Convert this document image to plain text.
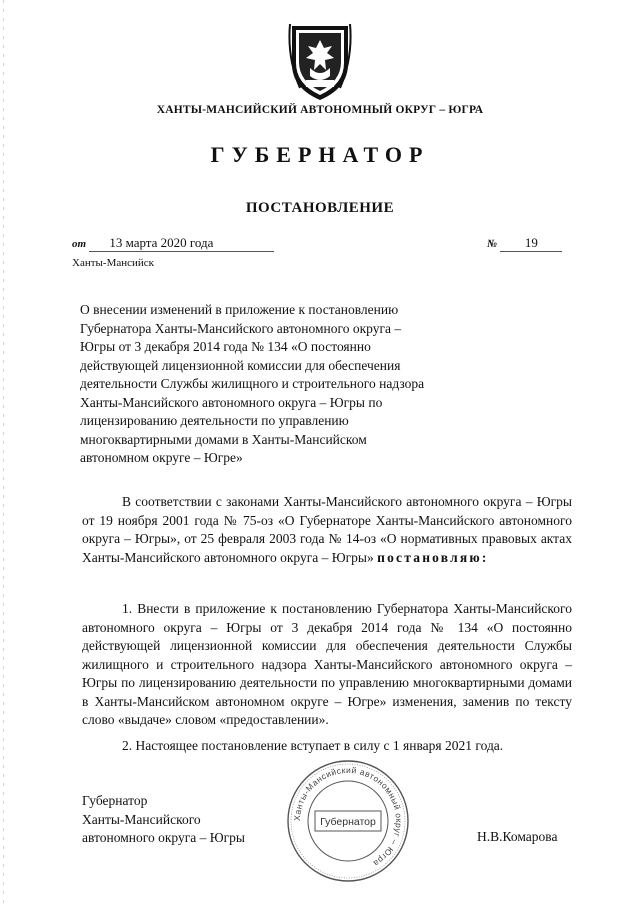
ХАНТЫ-МАНСИЙСКИЙ АВТОНОМНЫЙ ОКРУГ – ЮГРА
ГУБЕРНАТОР
ПОСТАНОВЛЕНИЕ
от 13 марта 2020 года	№ 19
Ханты-Мансийск
О внесении изменений в приложение к постановлению
Губернатора Ханты-Мансийского автономного округа –
Югры от 3 декабря 2014 года № 134 «О постоянно
действующей лицензионной комиссии для обеспечения
деятельности Службы жилищного и строительного надзора
Ханты-Мансийского автономного округа – Югры по
лицензированию деятельности по управлению
многоквартирными домами в Ханты-Мансийском
автономном округе – Югре»
В соответствии с законами Ханты-Мансийского автономного округа – Югры от 19 ноября 2001 года № 75-оз «О Губернаторе Ханты-Мансийского автономного округа – Югры», от 25 февраля 2003 года № 14-оз «О нормативных правовых актах Ханты-Мансийского автономного округа – Югры» постановляю:
1. Внести в приложение к постановлению Губернатора Ханты-Мансийского автономного округа – Югры от 3 декабря 2014 года № 134 «О постоянно действующей лицензионной комиссии для обеспечения деятельности Службы жилищного и строительного надзора Ханты-Мансийского автономного округа – Югры по лицензированию деятельности по управлению многоквартирными домами в Ханты-Мансийском автономном округе – Югре» изменения, заменив по тексту слово «выдаче» словом «предоставлении».
2. Настоящее постановление вступает в силу с 1 января 2021 года.
Губернатор
Ханты-Мансийского
автономного округа – Югры	Н.В.Комарова
Ханты-Мансийский автономный округ – Югра
Губернатор
